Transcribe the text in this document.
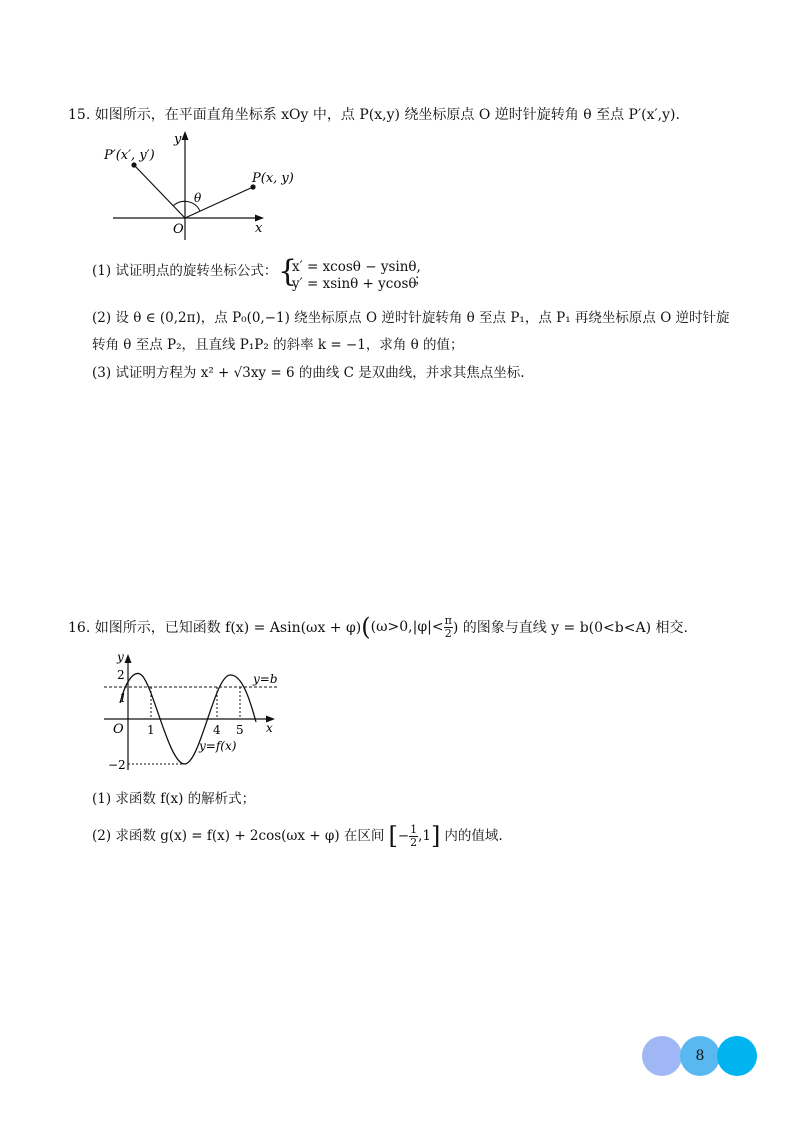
15. 如图所示，在平面直角坐标系 xOy 中，点 P(x,y) 绕坐标原点 O 逆时针旋转角 θ 至点 P′(x′,y).
P′(x′, y′)
P(x, y)
θ
O	x
y
(1) 试证明点的旋转坐标公式： {
x′ = xcosθ − ysinθ,
y′ = xsinθ + ycosθ
；
(2) 设 θ ∈ (0,2π)，点 P₀(0,−1) 绕坐标原点 O 逆时针旋转角 θ 至点 P₁，点 P₁ 再绕坐标原点 O 逆时针旋
转角 θ 至点 P₂，且直线 P₁P₂ 的斜率 k = −1，求角 θ 的值；
(3) 试证明方程为 x² + √3xy = 6 的曲线 C 是双曲线，并求其焦点坐标.
16. 如图所示，已知函数 f(x) = Asin(ωx + φ) ( ($\omega>0,|\varphi|< \frac{\pi}{2}$ ) 的图象与直线 y = b(0<b<A) 相交.
y
x
O
2
1
−2
1	4 5
y=b
y=f(x)
(1) 求函数 f(x) 的解析式；
(2) 求函数 g(x) = f(x) + 2cos(ωx + φ) 在区间 [ − $\frac{1}{2} ,1$ ] 内的值域.
8
